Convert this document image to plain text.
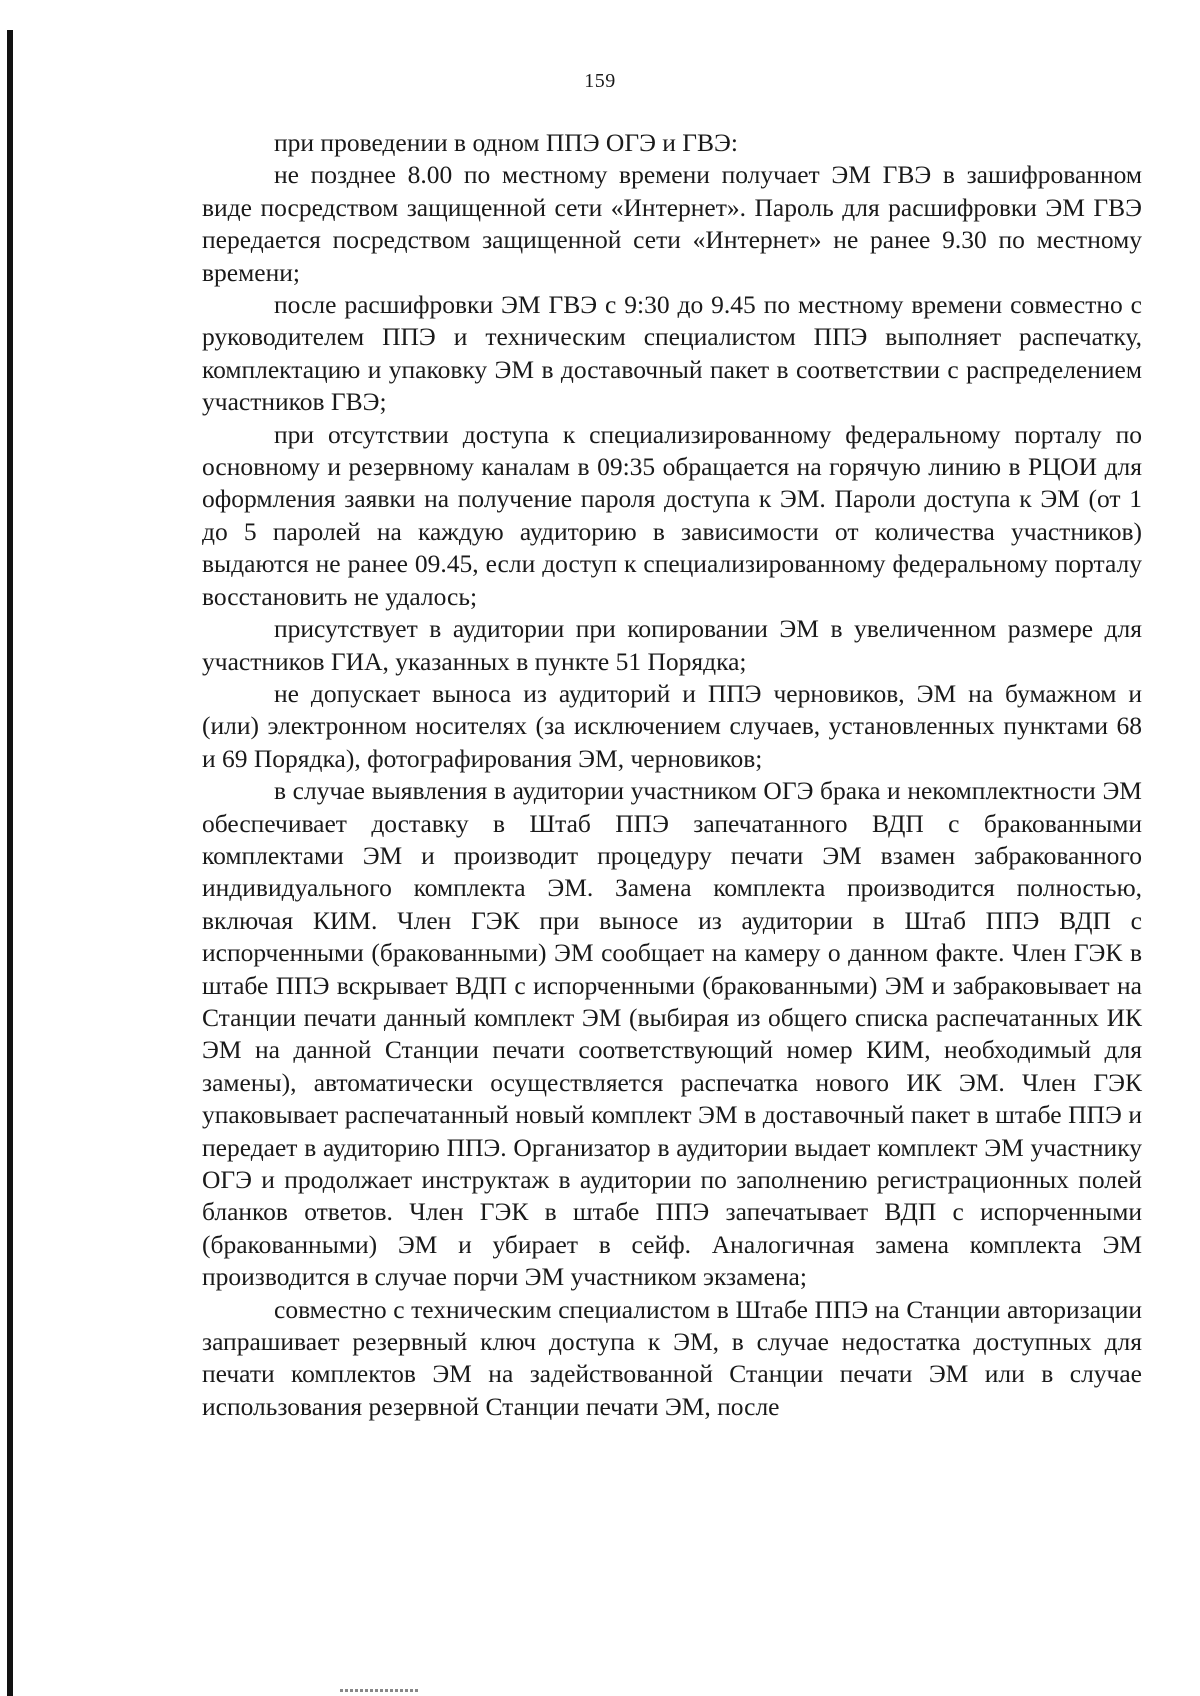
159

при проведении в одном ППЭ ОГЭ и ГВЭ:

не позднее 8.00 по местному времени получает ЭМ ГВЭ в зашифрованном виде посредством защищенной сети «Интернет». Пароль для расшифровки ЭМ ГВЭ передается посредством защищенной сети «Интернет» не ранее 9.30 по местному времени;

после расшифровки ЭМ ГВЭ с 9:30 до 9.45 по местному времени совместно с руководителем ППЭ и техническим специалистом ППЭ выполняет распечатку, комплектацию и упаковку ЭМ в доставочный пакет в соответствии с распределением участников ГВЭ;

при отсутствии доступа к специализированному федеральному порталу по основному и резервному каналам в 09:35 обращается на горячую линию в РЦОИ для оформления заявки на получение пароля доступа к ЭМ. Пароли доступа к ЭМ (от 1 до 5 паролей на каждую аудиторию в зависимости от количества участников) выдаются не ранее 09.45, если доступ к специализированному федеральному порталу восстановить не удалось;

присутствует в аудитории при копировании ЭМ в увеличенном размере для участников ГИА, указанных в пункте 51 Порядка;

не допускает выноса из аудиторий и ППЭ черновиков, ЭМ на бумажном и (или) электронном носителях (за исключением случаев, установленных пунктами 68 и 69 Порядка), фотографирования ЭМ, черновиков;

в случае выявления в аудитории участником ОГЭ брака и некомплектности ЭМ обеспечивает доставку в Штаб ППЭ запечатанного ВДП с бракованными комплектами ЭМ и производит процедуру печати ЭМ взамен забракованного индивидуального комплекта ЭМ. Замена комплекта производится полностью, включая КИМ. Член ГЭК при выносе из аудитории в Штаб ППЭ ВДП с испорченными (бракованными) ЭМ сообщает на камеру о данном факте. Член ГЭК в штабе ППЭ вскрывает ВДП с испорченными (бракованными) ЭМ и забраковывает на Станции печати данный комплект ЭМ (выбирая из общего списка распечатанных ИК ЭМ на данной Станции печати соответствующий номер КИМ, необходимый для замены), автоматически осуществляется распечатка нового ИК ЭМ. Член ГЭК упаковывает распечатанный новый комплект ЭМ в доставочный пакет в штабе ППЭ и передает в аудиторию ППЭ. Организатор в аудитории выдает комплект ЭМ участнику ОГЭ и продолжает инструктаж в аудитории по заполнению регистрационных полей бланков ответов. Член ГЭК в штабе ППЭ запечатывает ВДП с испорченными (бракованными) ЭМ и убирает в сейф. Аналогичная замена комплекта ЭМ производится в случае порчи ЭМ участником экзамена;

совместно с техническим специалистом в Штабе ППЭ на Станции авторизации запрашивает резервный ключ доступа к ЭМ, в случае недостатка доступных для печати комплектов ЭМ на задействованной Станции печати ЭМ или в случае использования резервной Станции печати ЭМ, после
